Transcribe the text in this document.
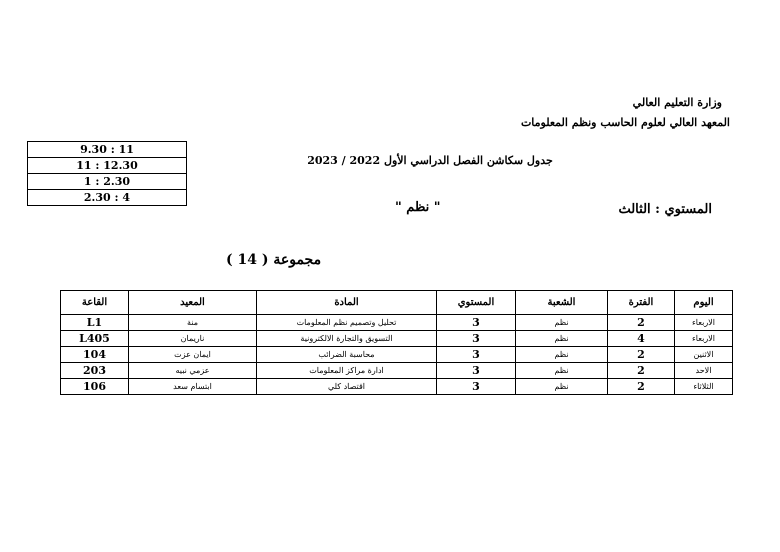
وزارة التعليم العالي
المعهد العالي لعلوم الحاسب ونظم المعلومات
9.30 : 11
11 : 12.30
1 : 2.30
2.30 : 4
جدول سكاشن الفصل الدراسي الأول 2022 / 2023
المستوي : الثالث
" نظم "
مجموعة ( 14 )
اليوم	الفترة	الشعبة	المستوي	المادة	المعيد	القاعة
الاربعاء	2	نظم	3	تحليل وتصميم نظم المعلومات	منة	L1
الاربعاء	4	نظم	3	التسويق والتجارة الالكترونية	ناريمان	L405
الاثنين	2	نظم	3	محاسبة الضرائب	ايمان عزت	104
الاحد	2	نظم	3	ادارة مراكز المعلومات	عزمي نبيه	203
الثلاثاء	2	نظم	3	اقتصاد كلي	ابتسام سعد	106
